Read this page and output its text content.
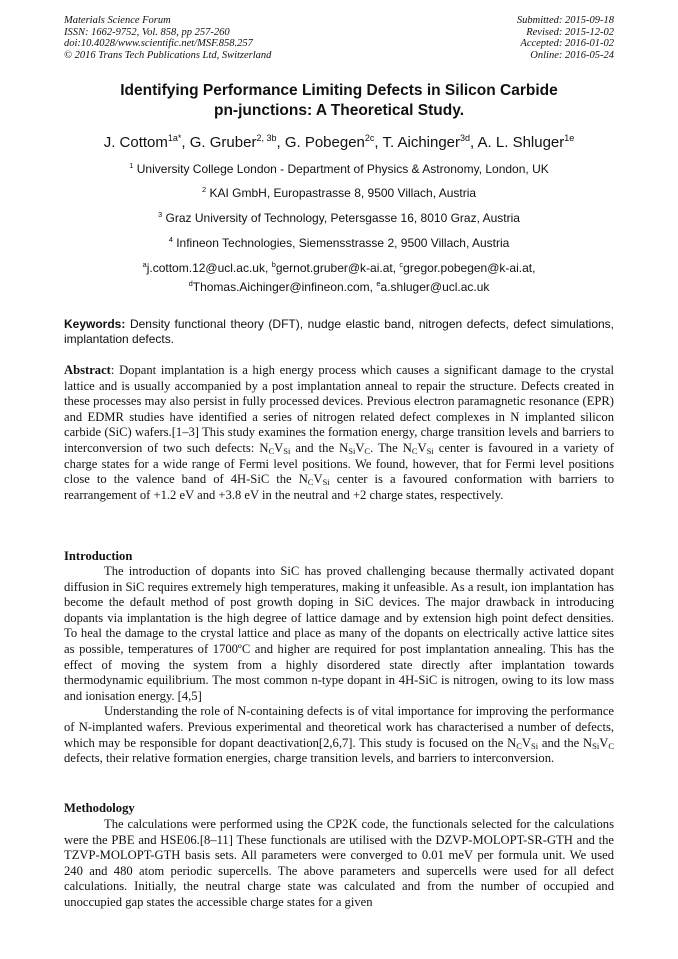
Materials Science Forum
ISSN: 1662-9752, Vol. 858, pp 257-260
doi:10.4028/www.scientific.net/MSF.858.257
© 2016 Trans Tech Publications Ltd, Switzerland
Submitted: 2015-09-18
Revised: 2015-12-02
Accepted: 2016-01-02
Online: 2016-05-24
Identifying Performance Limiting Defects in Silicon Carbide
pn-junctions: A Theoretical Study.
J. Cottom$^{1a*}$, G. Gruber$^{2, 3b}$, G. Pobegen$^{2c}$, T. Aichinger$^{3d}$, A. L. Shluger$^{1e}$
$^1$ University College London - Department of Physics & Astronomy, London, UK
$^2$ KAI GmbH, Europastrasse 8, 9500 Villach, Austria
$^3$ Graz University of Technology, Petersgasse 16, 8010 Graz, Austria
$^4$ Infineon Technologies, Siemensstrasse 2, 9500 Villach, Austria
$^a$j.cottom.12@ucl.ac.uk, $^b$gernot.gruber@k-ai.at, $^c$gregor.pobegen@k-ai.at,
$^d$Thomas.Aichinger@infineon.com, $^e$a.shluger@ucl.ac.uk
Keywords: Density functional theory (DFT), nudge elastic band, nitrogen defects, defect simulations, implantation defects.
Abstract: Dopant implantation is a high energy process which causes a significant damage to the crystal lattice and is usually accompanied by a post implantation anneal to repair the structure. Defects created in these processes may also persist in fully processed devices. Previous electron paramagnetic resonance (EPR) and EDMR studies have identified a series of nitrogen related defect complexes in N implanted silicon carbide (SiC) wafers.[1–3] This study examines the formation energy, charge transition levels and barriers to interconversion of two such defects: $N_CV_{Si}$ and the $N_{Si}V_C$. The $N_CV_{Si}$ center is favoured in a variety of charge states for a wide range of Fermi level positions. We found, however, that for Fermi level positions close to the valence band of 4H-SiC the $N_CV_{Si}$ center is a favoured conformation with barriers to rearrangement of +1.2 eV and +3.8 eV in the neutral and +2 charge states, respectively.
Introduction

The introduction of dopants into SiC has proved challenging because thermally activated dopant diffusion in SiC requires extremely high temperatures, making it unfeasible. As a result, ion implantation has become the default method of post growth doping in SiC devices. The major drawback in introducing dopants via implantation is the high degree of lattice damage and by extension high point defect densities. To heal the damage to the crystal lattice and place as many of the dopants on electrically active lattice sites as possible, temperatures of 1700ºC and higher are required for post implantation annealing. This has the effect of moving the system from a highly disordered state directly after implantation towards thermodynamic equilibrium. The most common n-type dopant in 4H-SiC is nitrogen, owing to its low mass and ionisation energy. [4,5]

Understanding the role of N-containing defects is of vital importance for improving the performance of N-implanted wafers. Previous experimental and theoretical work has characterised a number of defects, which may be responsible for dopant deactivation[2,6,7]. This study is focused on the $N_CV_{Si}$ and the $N_{Si}V_C$ defects, their relative formation energies, charge transition levels, and barriers to interconversion.

Methodology

The calculations were performed using the CP2K code, the functionals selected for the calculations were the PBE and HSE06.[8–11] These functionals are utilised with the DZVP-MOLOPT-SR-GTH and the TZVP-MOLOPT-GTH basis sets. All parameters were converged to 0.01 meV per formula unit. We used 240 and 480 atom periodic supercells. The above parameters and supercells were used for all defect calculations. Initially, the neutral charge state was calculated and from the number of occupied and unoccupied gap states the accessible charge states for a given
